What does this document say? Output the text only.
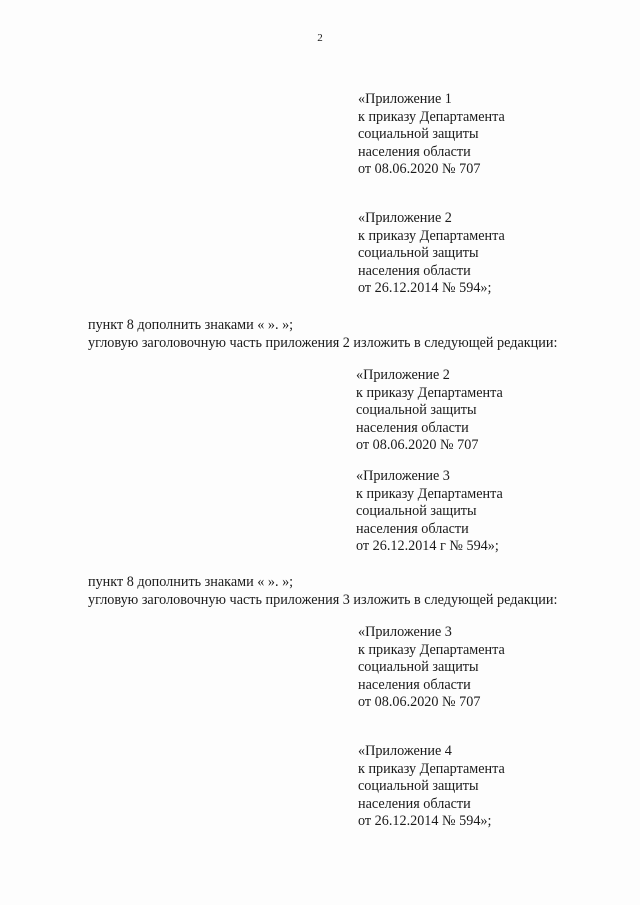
2
«Приложение 1
к приказу Департамента
социальной защиты
населения области
от 08.06.2020 № 707
«Приложение 2
к приказу Департамента
социальной защиты
населения области
от 26.12.2014 № 594»;
пункт 8 дополнить знаками « ». »;
угловую заголовочную часть приложения 2 изложить в следующей редакции:
«Приложение 2
к приказу Департамента
социальной защиты
населения области
от 08.06.2020 № 707
«Приложение 3
к приказу Департамента
социальной защиты
населения области
от 26.12.2014 г № 594»;
пункт 8 дополнить знаками « ». »;
угловую заголовочную часть приложения 3 изложить в следующей редакции:
«Приложение 3
к приказу Департамента
социальной защиты
населения области
от 08.06.2020 № 707
«Приложение 4
к приказу Департамента
социальной защиты
населения области
от 26.12.2014 № 594»;
